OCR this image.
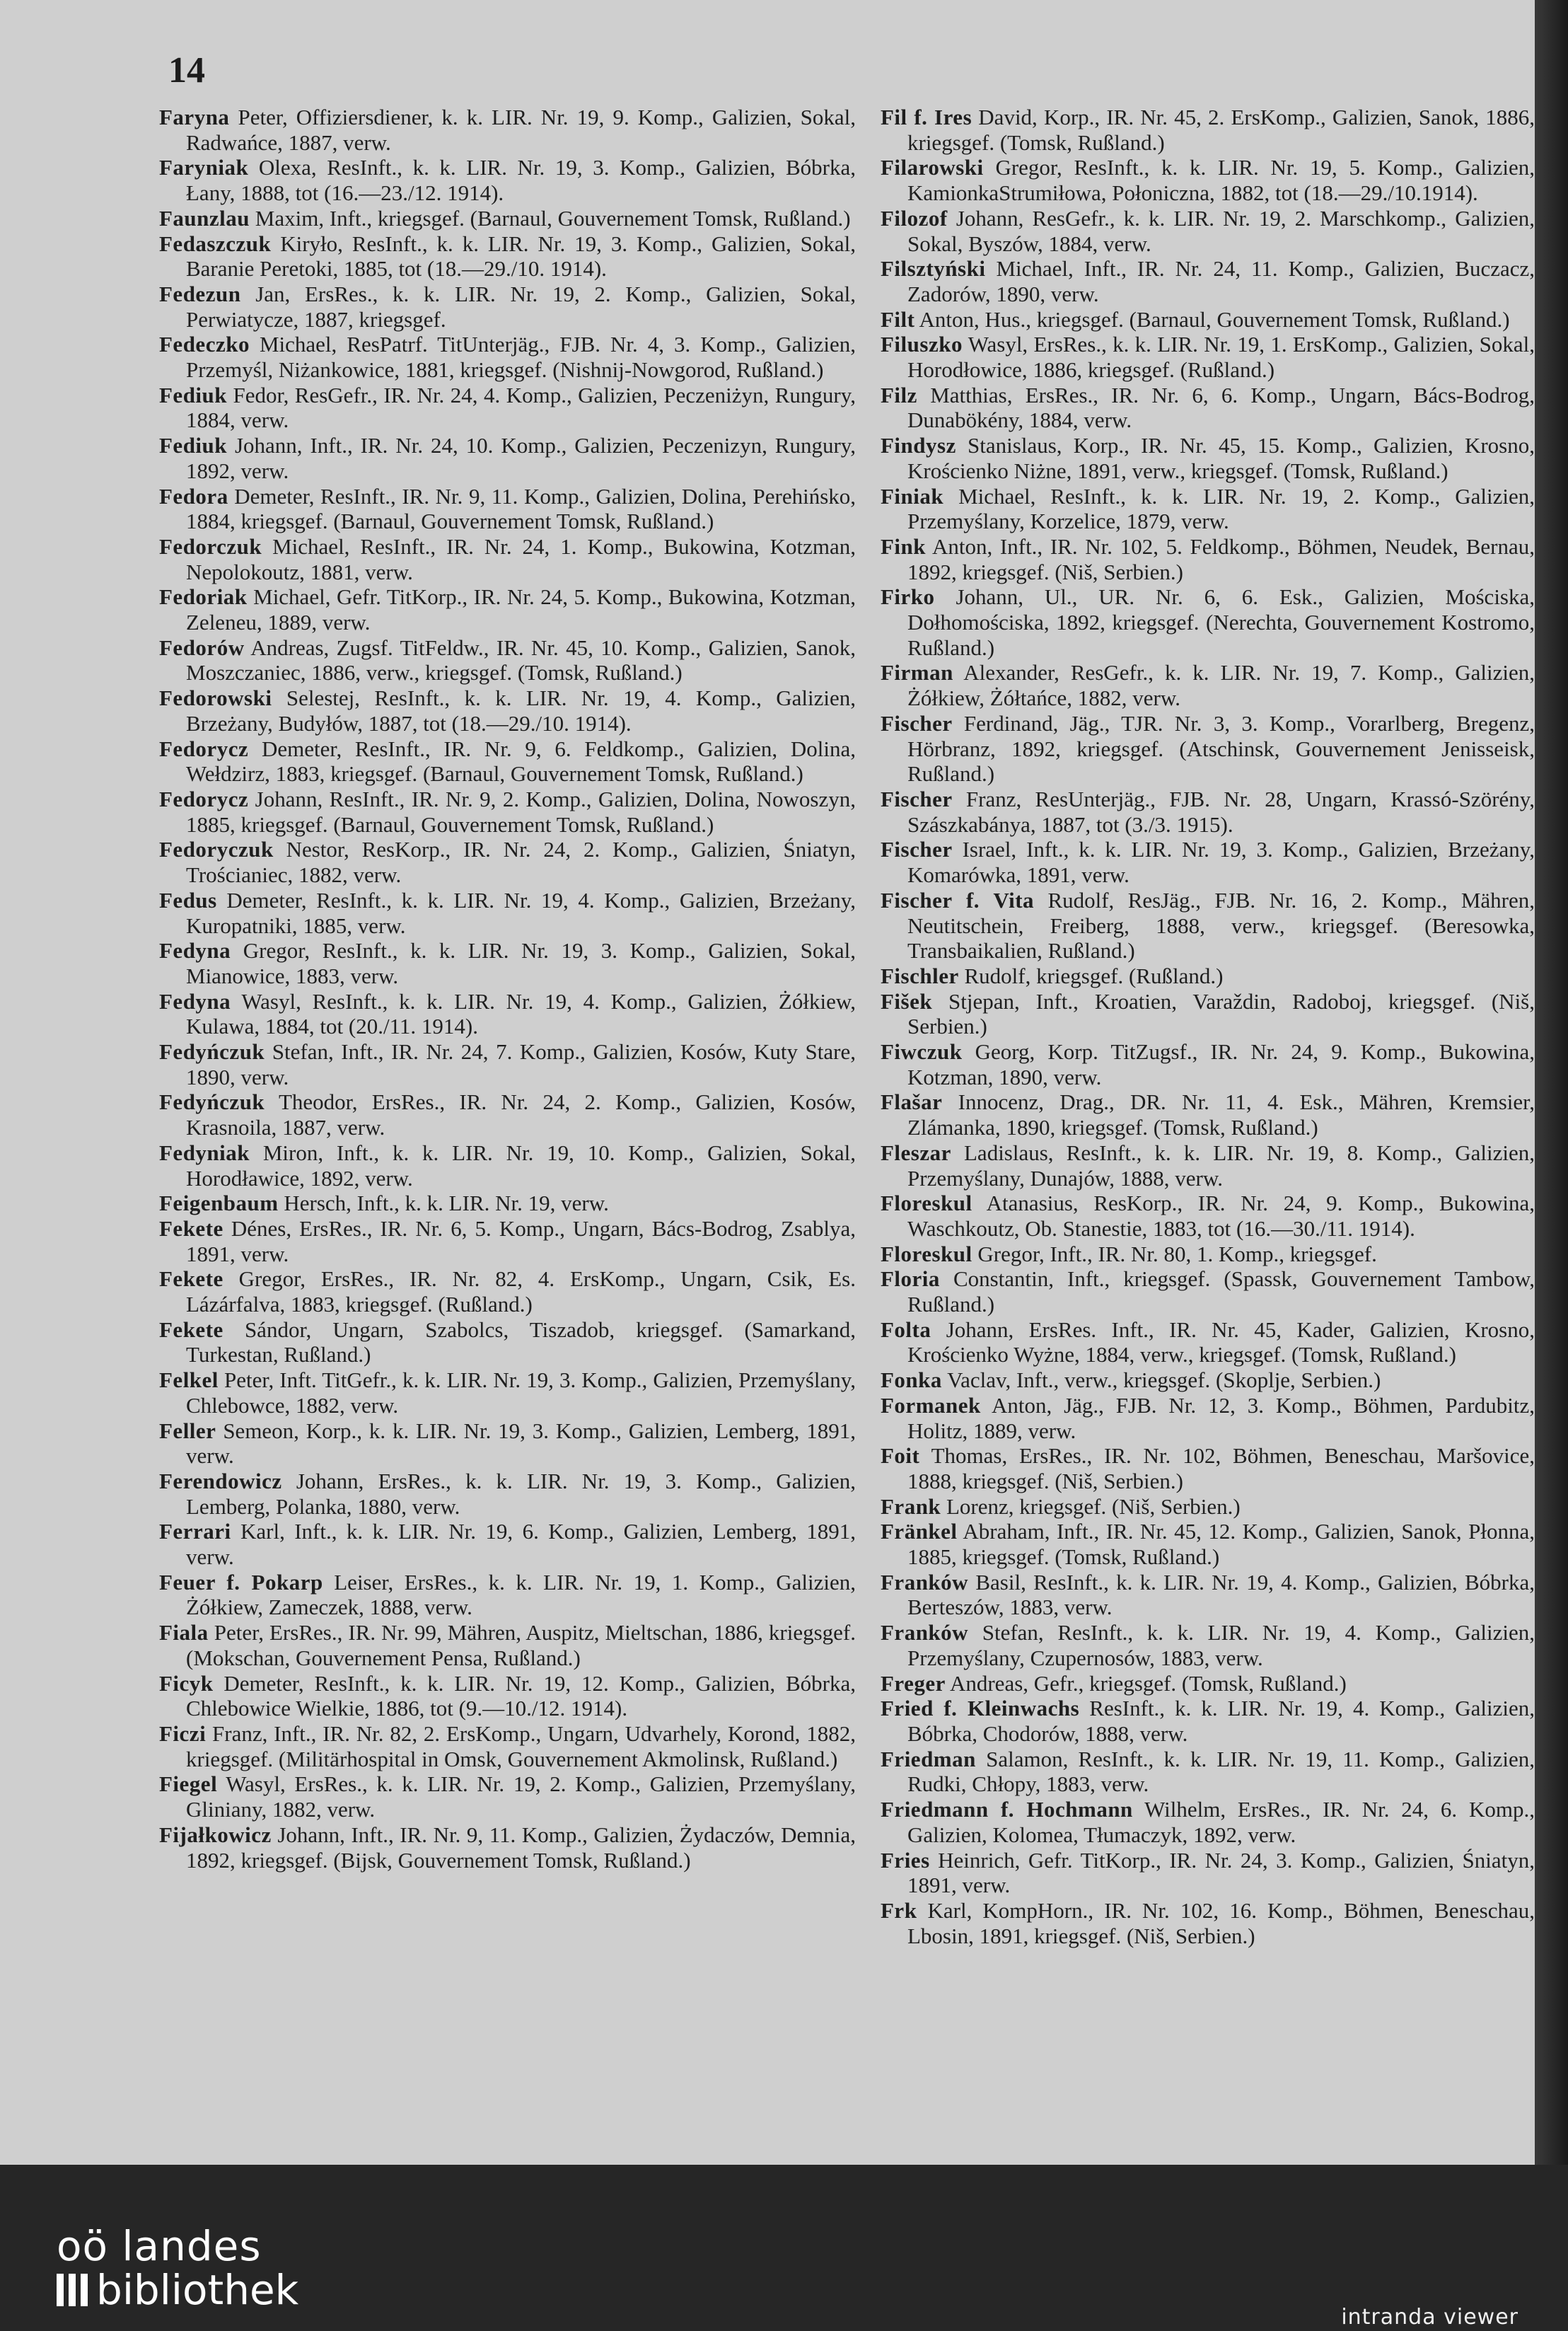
14

Faryna Peter, Offiziersdiener, k. k. LIR. Nr. 19, 9. Komp., Galizien, Sokal, Radwańce, 1887, verw.

Faryniak Olexa, ResInft., k. k. LIR. Nr. 19, 3. Komp., Galizien, Bóbrka, Łany, 1888, tot (16.—23./12. 1914).

Faunzlau Maxim, Inft., kriegsgef. (Barnaul, Gouvernement Tomsk, Rußland.)

Fedaszczuk Kiryło, ResInft., k. k. LIR. Nr. 19, 3. Komp., Galizien, Sokal, Baranie Peretoki, 1885, tot (18.—29./10. 1914).

Fedezun Jan, ErsRes., k. k. LIR. Nr. 19, 2. Komp., Galizien, Sokal, Perwiatycze, 1887, kriegsgef.

Fedeczko Michael, ResPatrf. TitUnterjäg., FJB. Nr. 4, 3. Komp., Galizien, Przemyśl, Niżankowice, 1881, kriegsgef. (Nishnij-Nowgorod, Rußland.)

Fediuk Fedor, ResGefr., IR. Nr. 24, 4. Komp., Galizien, Peczeniżyn, Rungury, 1884, verw.

Fediuk Johann, Inft., IR. Nr. 24, 10. Komp., Galizien, Peczenizyn, Rungury, 1892, verw.

Fedora Demeter, ResInft., IR. Nr. 9, 11. Komp., Galizien, Dolina, Perehińsko, 1884, kriegsgef. (Barnaul, Gouvernement Tomsk, Rußland.)

Fedorczuk Michael, ResInft., IR. Nr. 24, 1. Komp., Bukowina, Kotzman, Nepolokoutz, 1881, verw.

Fedoriak Michael, Gefr. TitKorp., IR. Nr. 24, 5. Komp., Bukowina, Kotzman, Zeleneu, 1889, verw.

Fedorów Andreas, Zugsf. TitFeldw., IR. Nr. 45, 10. Komp., Galizien, Sanok, Moszczaniec, 1886, verw., kriegsgef. (Tomsk, Rußland.)

Fedorowski Selestej, ResInft., k. k. LIR. Nr. 19, 4. Komp., Galizien, Brzeżany, Budyłów, 1887, tot (18.—29./10. 1914).

Fedorycz Demeter, ResInft., IR. Nr. 9, 6. Feldkomp., Galizien, Dolina, Wełdzirz, 1883, kriegsgef. (Barnaul, Gouvernement Tomsk, Rußland.)

Fedorycz Johann, ResInft., IR. Nr. 9, 2. Komp., Galizien, Dolina, Nowoszyn, 1885, kriegsgef. (Barnaul, Gouvernement Tomsk, Rußland.)

Fedoryczuk Nestor, ResKorp., IR. Nr. 24, 2. Komp., Galizien, Śniatyn, Trościaniec, 1882, verw.

Fedus Demeter, ResInft., k. k. LIR. Nr. 19, 4. Komp., Galizien, Brzeżany, Kuropatniki, 1885, verw.

Fedyna Gregor, ResInft., k. k. LIR. Nr. 19, 3. Komp., Galizien, Sokal, Mianowice, 1883, verw.

Fedyna Wasyl, ResInft., k. k. LIR. Nr. 19, 4. Komp., Galizien, Żółkiew, Kulawa, 1884, tot (20./11. 1914).

Fedyńczuk Stefan, Inft., IR. Nr. 24, 7. Komp., Galizien, Kosów, Kuty Stare, 1890, verw.

Fedyńczuk Theodor, ErsRes., IR. Nr. 24, 2. Komp., Galizien, Kosów, Krasnoila, 1887, verw.

Fedyniak Miron, Inft., k. k. LIR. Nr. 19, 10. Komp., Galizien, Sokal, Horodławice, 1892, verw.

Feigenbaum Hersch, Inft., k. k. LIR. Nr. 19, verw.

Fekete Dénes, ErsRes., IR. Nr. 6, 5. Komp., Ungarn, Bács-Bodrog, Zsablya, 1891, verw.

Fekete Gregor, ErsRes., IR. Nr. 82, 4. ErsKomp., Ungarn, Csik, Es. Lázárfalva, 1883, kriegsgef. (Rußland.)

Fekete Sándor, Ungarn, Szabolcs, Tiszadob, kriegsgef. (Samarkand, Turkestan, Rußland.)

Felkel Peter, Inft. TitGefr., k. k. LIR. Nr. 19, 3. Komp., Galizien, Przemyślany, Chlebowce, 1882, verw.

Feller Semeon, Korp., k. k. LIR. Nr. 19, 3. Komp., Galizien, Lemberg, 1891, verw.

Ferendowicz Johann, ErsRes., k. k. LIR. Nr. 19, 3. Komp., Galizien, Lemberg, Polanka, 1880, verw.

Ferrari Karl, Inft., k. k. LIR. Nr. 19, 6. Komp., Galizien, Lemberg, 1891, verw.

Feuer f. Pokarp Leiser, ErsRes., k. k. LIR. Nr. 19, 1. Komp., Galizien, Żółkiew, Zameczek, 1888, verw.

Fiala Peter, ErsRes., IR. Nr. 99, Mähren, Auspitz, Mieltschan, 1886, kriegsgef. (Mokschan, Gouvernement Pensa, Rußland.)

Ficyk Demeter, ResInft., k. k. LIR. Nr. 19, 12. Komp., Galizien, Bóbrka, Chlebowice Wielkie, 1886, tot (9.—10./12. 1914).

Ficzi Franz, Inft., IR. Nr. 82, 2. ErsKomp., Ungarn, Udvarhely, Korond, 1882, kriegsgef. (Militärhospital in Omsk, Gouvernement Akmolinsk, Rußland.)

Fiegel Wasyl, ErsRes., k. k. LIR. Nr. 19, 2. Komp., Galizien, Przemyślany, Gliniany, 1882, verw.

Fijałkowicz Johann, Inft., IR. Nr. 9, 11. Komp., Galizien, Żydaczów, Demnia, 1892, kriegsgef. (Bijsk, Gouvernement Tomsk, Rußland.)

Fil f. Ires David, Korp., IR. Nr. 45, 2. ErsKomp., Galizien, Sanok, 1886, kriegsgef. (Tomsk, Rußland.)

Filarowski Gregor, ResInft., k. k. LIR. Nr. 19, 5. Komp., Galizien, KamionkaStrumiłowa, Połoniczna, 1882, tot (18.—29./10.1914).

Filozof Johann, ResGefr., k. k. LIR. Nr. 19, 2. Marschkomp., Galizien, Sokal, Byszów, 1884, verw.

Filsztyński Michael, Inft., IR. Nr. 24, 11. Komp., Galizien, Buczacz, Zadorów, 1890, verw.

Filt Anton, Hus., kriegsgef. (Barnaul, Gouvernement Tomsk, Rußland.)

Filuszko Wasyl, ErsRes., k. k. LIR. Nr. 19, 1. ErsKomp., Galizien, Sokal, Horodłowice, 1886, kriegsgef. (Rußland.)

Filz Matthias, ErsRes., IR. Nr. 6, 6. Komp., Ungarn, Bács-Bodrog, Dunabökény, 1884, verw.

Findysz Stanislaus, Korp., IR. Nr. 45, 15. Komp., Galizien, Krosno, Krościenko Niżne, 1891, verw., kriegsgef. (Tomsk, Rußland.)

Finiak Michael, ResInft., k. k. LIR. Nr. 19, 2. Komp., Galizien, Przemyślany, Korzelice, 1879, verw.

Fink Anton, Inft., IR. Nr. 102, 5. Feldkomp., Böhmen, Neudek, Bernau, 1892, kriegsgef. (Niš, Serbien.)

Firko Johann, Ul., UR. Nr. 6, 6. Esk., Galizien, Mościska, Dołhomościska, 1892, kriegsgef. (Nerechta, Gouvernement Kostromo, Rußland.)

Firman Alexander, ResGefr., k. k. LIR. Nr. 19, 7. Komp., Galizien, Żółkiew, Żółtańce, 1882, verw.

Fischer Ferdinand, Jäg., TJR. Nr. 3, 3. Komp., Vorarlberg, Bregenz, Hörbranz, 1892, kriegsgef. (Atschinsk, Gouvernement Jenisseisk, Rußland.)

Fischer Franz, ResUnterjäg., FJB. Nr. 28, Ungarn, Krassó-Szörény, Szászkabánya, 1887, tot (3./3. 1915).

Fischer Israel, Inft., k. k. LIR. Nr. 19, 3. Komp., Galizien, Brzeżany, Komarówka, 1891, verw.

Fischer f. Vita Rudolf, ResJäg., FJB. Nr. 16, 2. Komp., Mähren, Neutitschein, Freiberg, 1888, verw., kriegsgef. (Beresowka, Transbaikalien, Rußland.)

Fischler Rudolf, kriegsgef. (Rußland.)

Fišek Stjepan, Inft., Kroatien, Varaždin, Radoboj, kriegsgef. (Niš, Serbien.)

Fiwczuk Georg, Korp. TitZugsf., IR. Nr. 24, 9. Komp., Bukowina, Kotzman, 1890, verw.

Flašar Innocenz, Drag., DR. Nr. 11, 4. Esk., Mähren, Kremsier, Zlámanka, 1890, kriegsgef. (Tomsk, Rußland.)

Fleszar Ladislaus, ResInft., k. k. LIR. Nr. 19, 8. Komp., Galizien, Przemyślany, Dunajów, 1888, verw.

Floreskul Atanasius, ResKorp., IR. Nr. 24, 9. Komp., Bukowina, Waschkoutz, Ob. Stanestie, 1883, tot (16.—30./11. 1914).

Floreskul Gregor, Inft., IR. Nr. 80, 1. Komp., kriegsgef.

Floria Constantin, Inft., kriegsgef. (Spassk, Gouvernement Tambow, Rußland.)

Folta Johann, ErsRes. Inft., IR. Nr. 45, Kader, Galizien, Krosno, Krościenko Wyżne, 1884, verw., kriegsgef. (Tomsk, Rußland.)

Fonka Vaclav, Inft., verw., kriegsgef. (Skoplje, Serbien.)

Formanek Anton, Jäg., FJB. Nr. 12, 3. Komp., Böhmen, Pardubitz, Holitz, 1889, verw.

Foit Thomas, ErsRes., IR. Nr. 102, Böhmen, Beneschau, Maršovice, 1888, kriegsgef. (Niš, Serbien.)

Frank Lorenz, kriegsgef. (Niš, Serbien.)

Fränkel Abraham, Inft., IR. Nr. 45, 12. Komp., Galizien, Sanok, Płonna, 1885, kriegsgef. (Tomsk, Rußland.)

Franków Basil, ResInft., k. k. LIR. Nr. 19, 4. Komp., Galizien, Bóbrka, Berteszów, 1883, verw.

Franków Stefan, ResInft., k. k. LIR. Nr. 19, 4. Komp., Galizien, Przemyślany, Czupernosów, 1883, verw.

Freger Andreas, Gefr., kriegsgef. (Tomsk, Rußland.)

Fried f. Kleinwachs ResInft., k. k. LIR. Nr. 19, 4. Komp., Galizien, Bóbrka, Chodorów, 1888, verw.

Friedman Salamon, ResInft., k. k. LIR. Nr. 19, 11. Komp., Galizien, Rudki, Chłopy, 1883, verw.

Friedmann f. Hochmann Wilhelm, ErsRes., IR. Nr. 24, 6. Komp., Galizien, Kolomea, Tłumaczyk, 1892, verw.

Fries Heinrich, Gefr. TitKorp., IR. Nr. 24, 3. Komp., Galizien, Śniatyn, 1891, verw.

Frk Karl, KompHorn., IR. Nr. 102, 16. Komp., Böhmen, Beneschau, Lbosin, 1891, kriegsgef. (Niš, Serbien.)

oö landes
bibliothek
intranda viewer
